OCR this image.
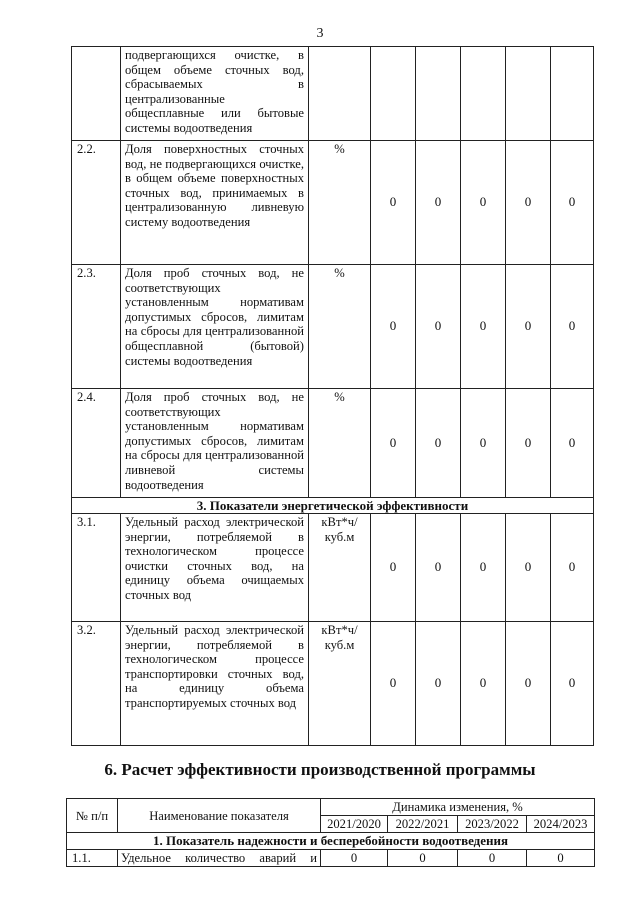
3
	подвергающихся очистке, в общем объеме сточных вод, сбрасываемых в централизованные общесплавные или бытовые системы водоотведения						
2.2.	Доля поверхностных сточных вод, не подвергающихся очистке, в общем объеме поверхностных сточных вод, принимаемых в централизованную ливневую систему водоотведения	%	0	0	0	0	0
2.3.	Доля проб сточных вод, не соответствующих установленным нормативам допустимых сбросов, лимитам на сбросы для централизованной общесплавной (бытовой) системы водоотведения	%	0	0	0	0	0
2.4.	Доля проб сточных вод, не соответствующих установленным нормативам допустимых сбросов, лимитам на сбросы для централизованной ливневой системы водоотведения	%	0	0	0	0	0
3. Показатели энергетической эффективности							
3.1.	Удельный расход электрической энергии, потребляемой в технологическом процессе очистки сточных вод, на единицу объема очищаемых сточных вод	кВт*ч/ куб.м	0	0	0	0	0
3.2.	Удельный расход электрической энергии, потребляемой в технологическом процессе транспортировки сточных вод, на единицу объема транспортируемых сточных вод	кВт*ч/ куб.м	0	0	0	0	0
6. Расчет эффективности производственной программы
№ п/п	Наименование показателя	Динамика изменения, %			
		2021/2020	2022/2021	2023/2022	2024/2023
1. Показатель надежности и бесперебойности водоотведения					
1.1.	Удельное количество аварий и	0	0	0	0
